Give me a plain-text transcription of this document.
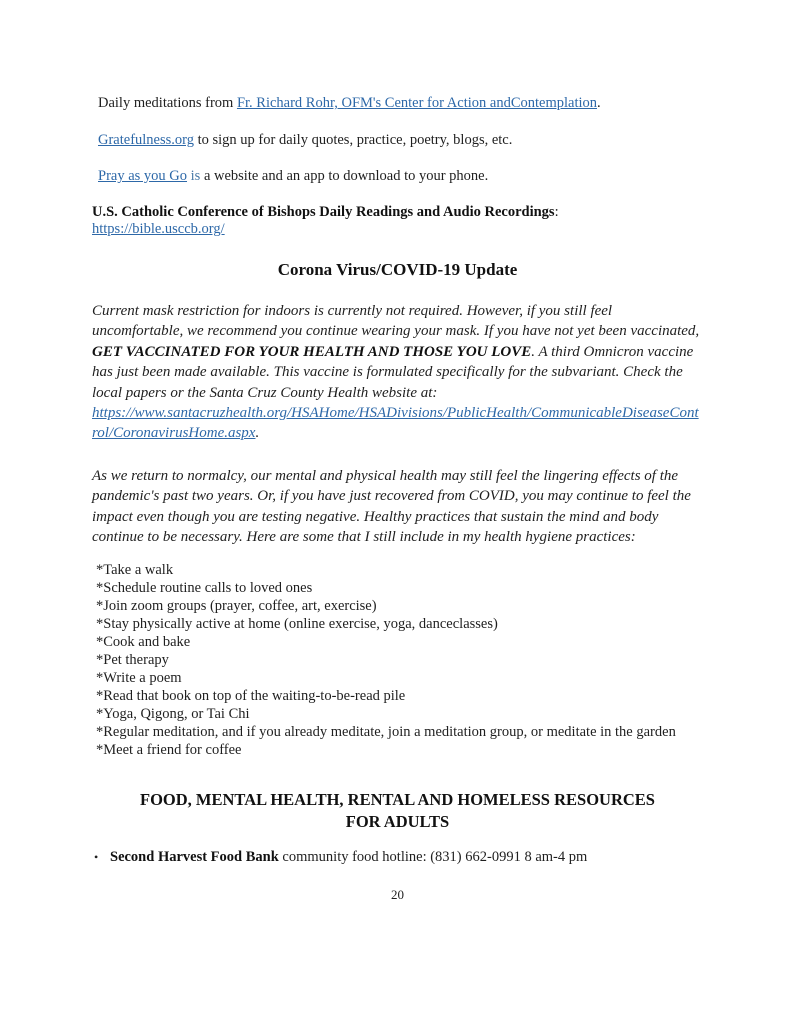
Daily meditations from Fr. Richard Rohr, OFM's Center for Action andContemplation.

Gratefulness.org to sign up for daily quotes, practice, poetry, blogs, etc.

Pray as you Go is a website and an app to download to your phone.

U.S. Catholic Conference of Bishops Daily Readings and Audio Recordings:
https://bible.usccb.org/
Corona Virus/COVID-19 Update

Current mask restriction for indoors is currently not required. However, if you still feel uncomfortable, we recommend you continue wearing your mask. If you have not yet been vaccinated, GET VACCINATED FOR YOUR HEALTH AND THOSE YOU LOVE. A third Omnicron vaccine has just been made available. This vaccine is formulated specifically for the subvariant. Check the local papers or the Santa Cruz County Health website at:
https://www.santacruzhealth.org/HSAHome/HSADivisions/PublicHealth/CommunicableDiseaseControl/CoronavirusHome.aspx.

As we return to normalcy, our mental and physical health may still feel the lingering effects of the pandemic's past two years. Or, if you have just recovered from COVID, you may continue to feel the impact even though you are testing negative. Healthy practices that sustain the mind and body continue to be necessary. Here are some that I still include in my health hygiene practices:

*Take a walk
*Schedule routine calls to loved ones
*Join zoom groups (prayer, coffee, art, exercise)
*Stay physically active at home (online exercise, yoga, danceclasses)
*Cook and bake
*Pet therapy
*Write a poem
*Read that book on top of the waiting-to-be-read pile
*Yoga, Qigong, or Tai Chi
*Regular meditation, and if you already meditate, join a meditation group, or meditate in the garden
*Meet a friend for coffee
FOOD, MENTAL HEALTH, RENTAL AND HOMELESS RESOURCES
FOR ADULTS
• Second Harvest Food Bank community food hotline: (831) 662-0991 8 am-4 pm
20
